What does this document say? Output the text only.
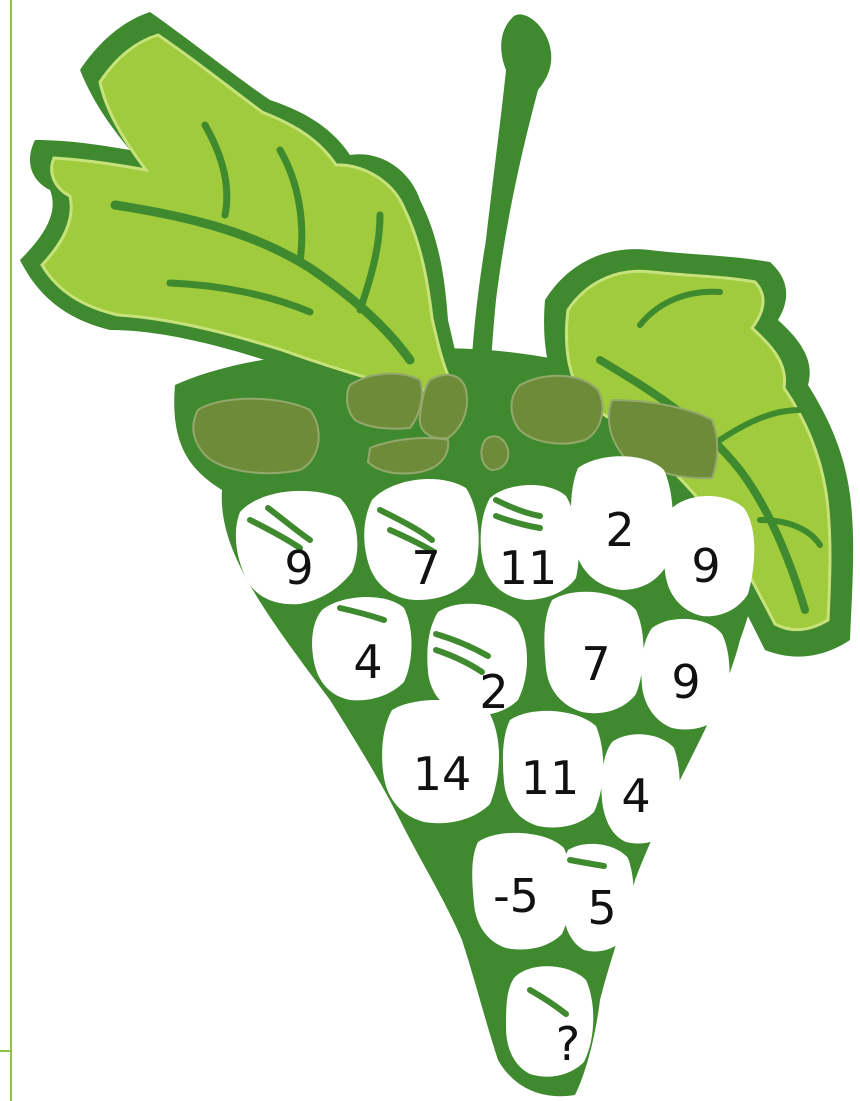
9 7 11
2
9
4
2
7 9
14 11 4
-5 5
?
